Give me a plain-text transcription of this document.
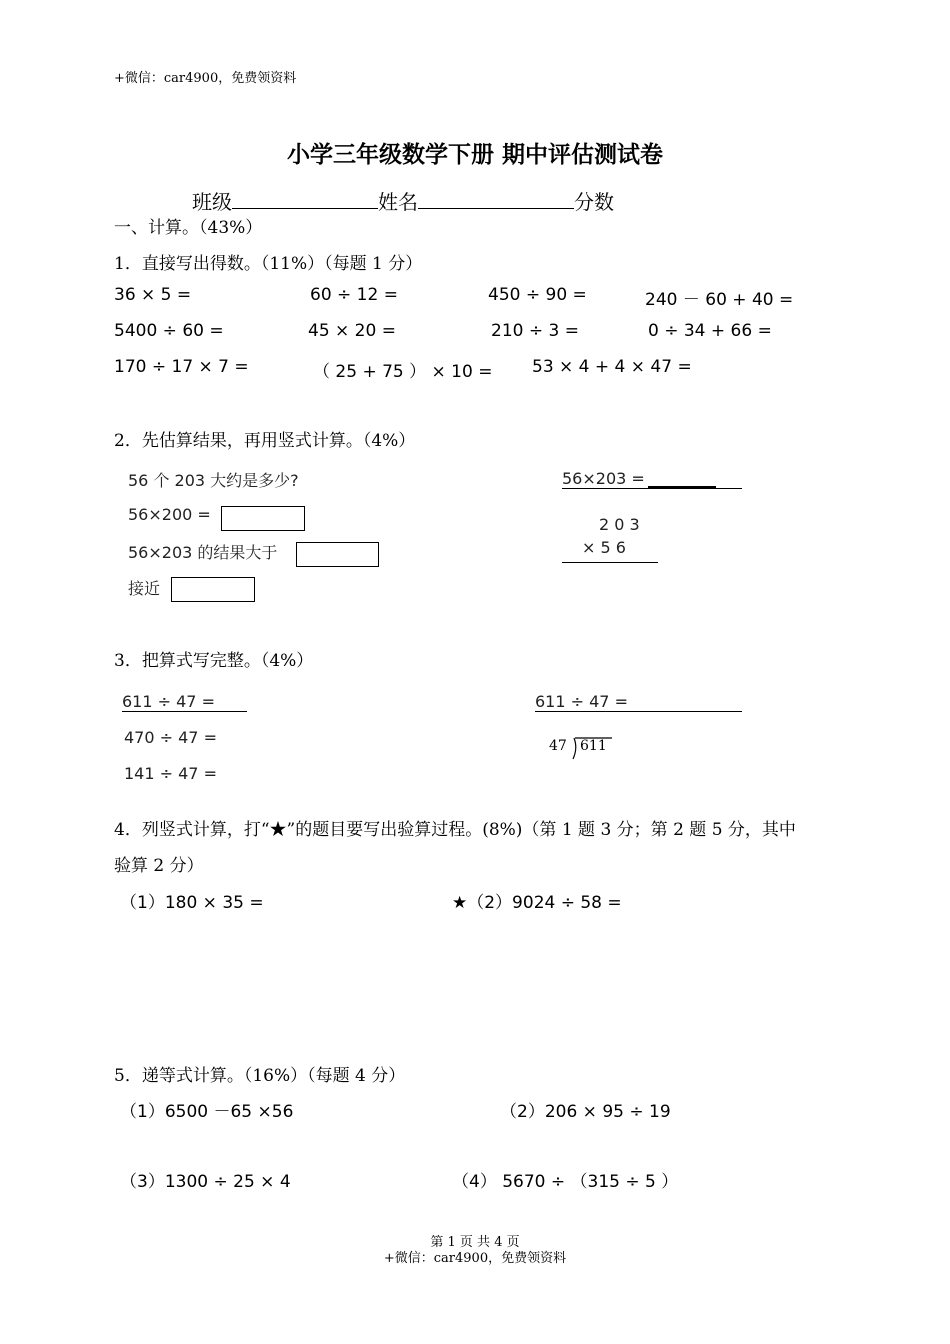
+微信：car4900，免费领资料
小学三年级数学下册 期中评估测试卷
班级	姓名	分数
一、计算。（43%）
1．直接写出得数。（11%）（每题 1 分）
36 × 5 =	60 ÷ 12 =	450 ÷ 90 =	240 － 60 + 40 =
5400 ÷ 60 =	45 × 20 =	210 ÷ 3 =	0 ÷ 34 + 66 =
170 ÷ 17 × 7 =	（ 25 + 75 ） × 10 = 53 × 4 + 4 × 47 =
2．先估算结果，再用竖式计算。（4%）
56 个 203 大约是多少?
56×200 =
56×203 的结果大于
接近
56×203 =
2 0 3
× 5 6
3．把算式写完整。（4%）
611 ÷ 47 =
470 ÷ 47 =
141 ÷ 47 =
611 ÷ 47 =
47 611
4．列竖式计算，打“★”的题目要写出验算过程。(8%)（第 1 题 3 分；第 2 题 5 分，其中
验算 2 分）
（1）180 × 35 =	★（2）9024 ÷ 58 =
5．递等式计算。（16%）（每题 4 分）
（1）6500 －65 ×56	（2）206 × 95 ÷ 19
（3）1300 ÷ 25 × 4	（4） 5670 ÷ （315 ÷ 5 ）
第 1 页 共 4 页
+微信：car4900，免费领资料
